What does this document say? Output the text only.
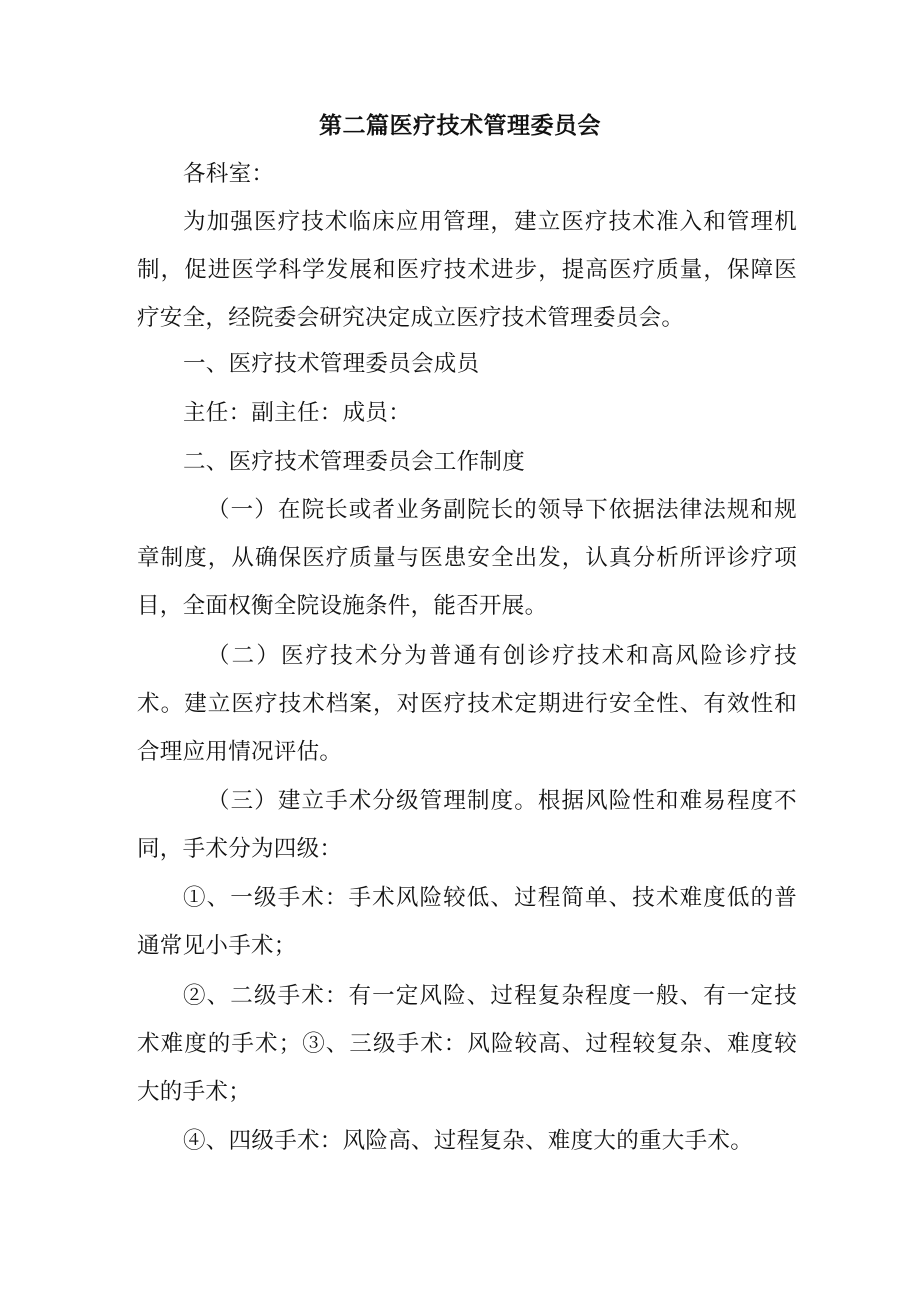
第二篇医疗技术管理委员会

各科室：

为加强医疗技术临床应用管理，建立医疗技术准入和管理机制，促进医学科学发展和医疗技术进步，提高医疗质量，保障医疗安全，经院委会研究决定成立医疗技术管理委员会。

一、医疗技术管理委员会成员

主任：副主任：成员：

二、医疗技术管理委员会工作制度

（一）在院长或者业务副院长的领导下依据法律法规和规章制度，从确保医疗质量与医患安全出发，认真分析所评诊疗项目，全面权衡全院设施条件，能否开展。

（二）医疗技术分为普通有创诊疗技术和高风险诊疗技术。建立医疗技术档案，对医疗技术定期进行安全性、有效性和合理应用情况评估。

（三）建立手术分级管理制度。根据风险性和难易程度不同，手术分为四级：

①、一级手术：手术风险较低、过程简单、技术难度低的普通常见小手术；

②、二级手术：有一定风险、过程复杂程度一般、有一定技术难度的手术；③、三级手术：风险较高、过程较复杂、难度较大的手术；

④、四级手术：风险高、过程复杂、难度大的重大手术。
